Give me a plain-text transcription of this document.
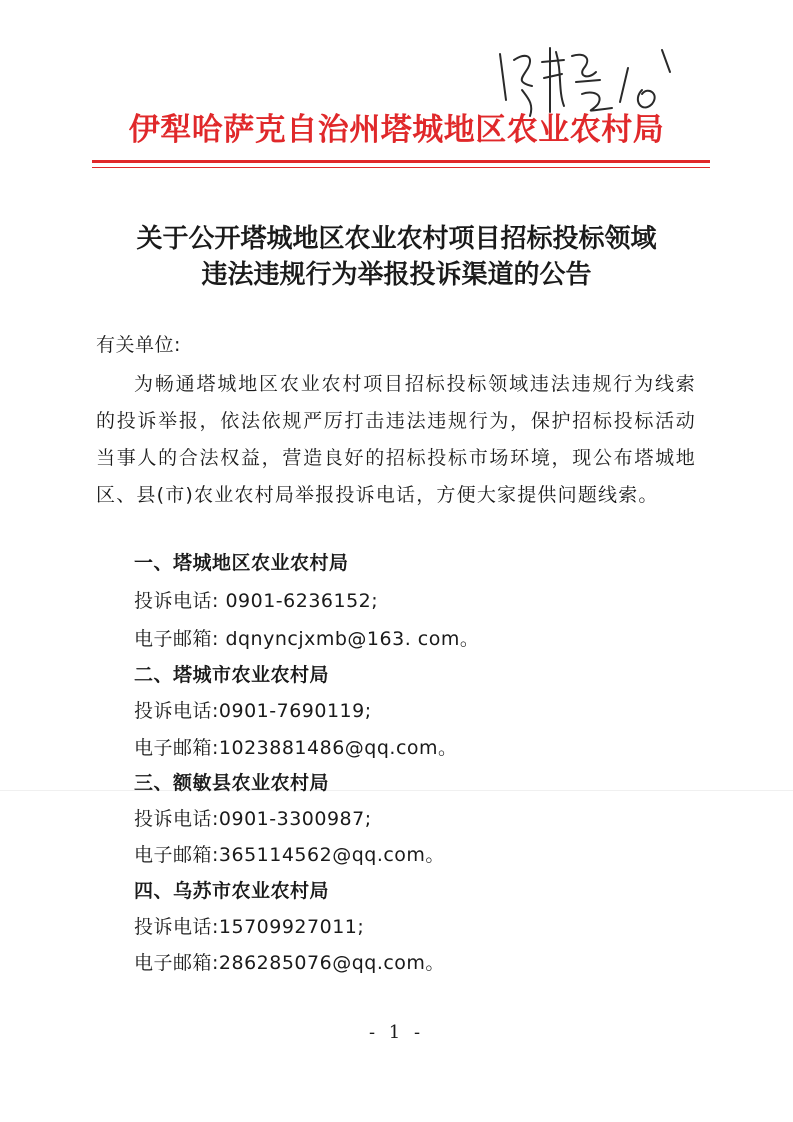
伊犁哈萨克自治州塔城地区农业农村局
关于公开塔城地区农业农村项目招标投标领域
违法违规行为举报投诉渠道的公告
有关单位:
为畅通塔城地区农业农村项目招标投标领域违法违规行为线索的投诉举报，依法依规严厉打击违法违规行为，保护招标投标活动当事人的合法权益，营造良好的招标投标市场环境，现公布塔城地区、县(市)农业农村局举报投诉电话，方便大家提供问题线索。
一、塔城地区农业农村局
投诉电话: 0901-6236152;
电子邮箱: dqnyncjxmb@163. com。
二、塔城市农业农村局
投诉电话:0901-7690119;
电子邮箱:1023881486@qq.com。
三、额敏县农业农村局
投诉电话:0901-3300987;
电子邮箱:365114562@qq.com。
四、乌苏市农业农村局
投诉电话:15709927011;
电子邮箱:286285076@qq.com。
- 1 -
